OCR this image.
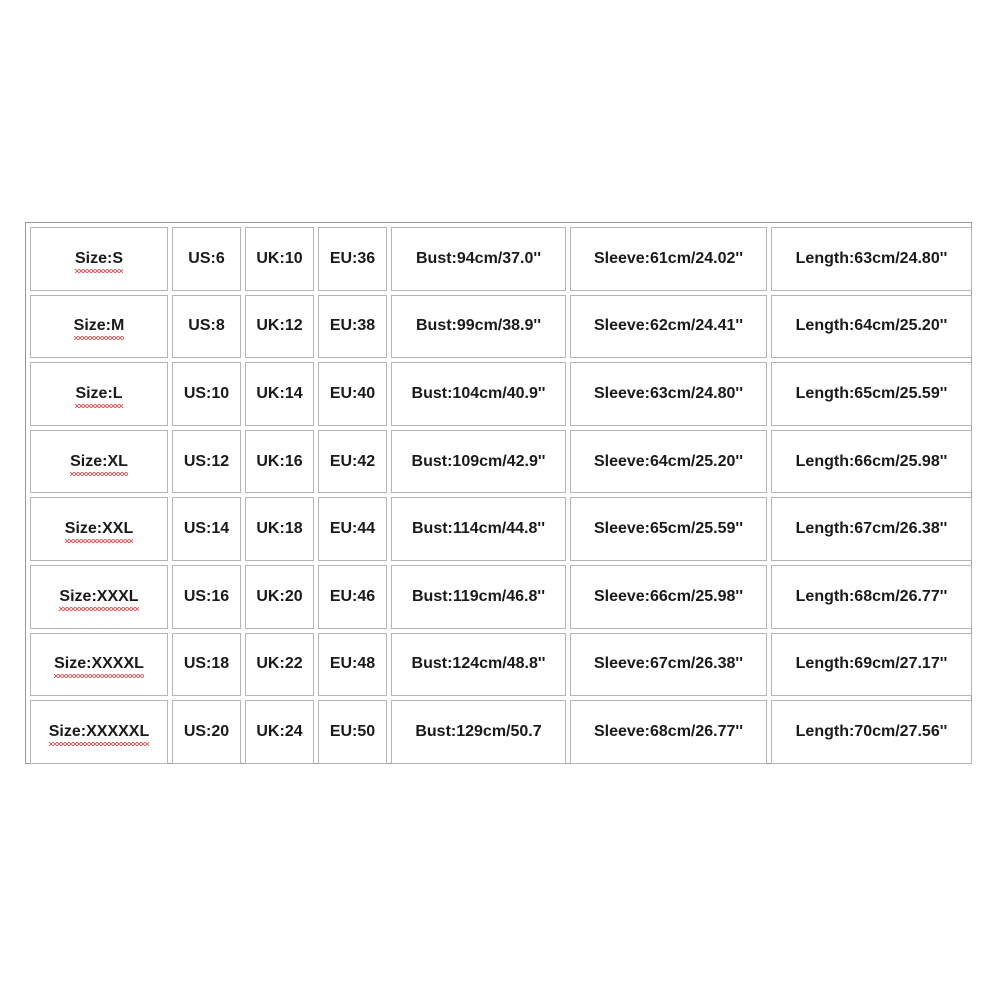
Size:S	US:6	UK:10	EU:36	Bust:94cm/37.0''	Sleeve:61cm/24.02''	Length:63cm/24.80''
Size:M	US:8	UK:12	EU:38	Bust:99cm/38.9''	Sleeve:62cm/24.41''	Length:64cm/25.20''
Size:L	US:10	UK:14	EU:40	Bust:104cm/40.9''	Sleeve:63cm/24.80''	Length:65cm/25.59''
Size:XL	US:12	UK:16	EU:42	Bust:109cm/42.9''	Sleeve:64cm/25.20''	Length:66cm/25.98''
Size:XXL	US:14	UK:18	EU:44	Bust:114cm/44.8''	Sleeve:65cm/25.59''	Length:67cm/26.38''
Size:XXXL	US:16	UK:20	EU:46	Bust:119cm/46.8''	Sleeve:66cm/25.98''	Length:68cm/26.77''
Size:XXXXL	US:18	UK:22	EU:48	Bust:124cm/48.8''	Sleeve:67cm/26.38''	Length:69cm/27.17''
Size:XXXXXL	US:20	UK:24	EU:50	Bust:129cm/50.7	Sleeve:68cm/26.77''	Length:70cm/27.56''
